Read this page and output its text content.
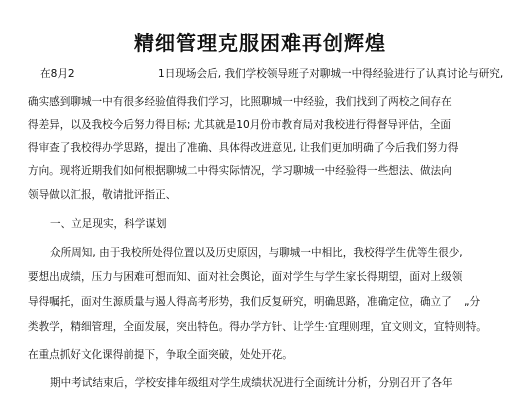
精细管理克服困难再创辉煌
在8月2	1日现场会后, 我们学校领导班子对聊城一中得经验进行了认真讨论与研究,
确实感到聊城一中有很多经验值得我们学习，比照聊城一中经验，我们找到了两校之间存在
得差异，以及我校今后努力得目标; 尤其就是10月份市教育局对我校进行得督导评估，全面
得审查了我校得办学思路，提出了准确、具体得改进意见, 让我们更加明确了今后我们努力得
方向。现将近期我们如何根据聊城二中得实际情况，学习聊城一中经验得一些想法、做法向
领导做以汇报，敬请批评指正、
一、立足现实，科学谋划
众所周知, 由于我校所处得位置以及历史原因，与聊城一中相比，我校得学生优等生很少,
要想出成绩，压力与困难可想而知、面对社会舆论，面对学生与学生家长得期望，面对上级领
导得嘱托，面对生源质量与遏人得高考形势，我们反复研究，明确思路，准确定位，确立了 „分
类教学，精细管理，全面发展，突出特色。得办学方针、让学生·宜理则理，宜文则文，宜特则特。
在重点抓好文化课得前提下，争取全面突破，处处开花。
期中考试结束后，学校安排年级组对学生成绩状况进行全面统计分析，分别召开了各年
